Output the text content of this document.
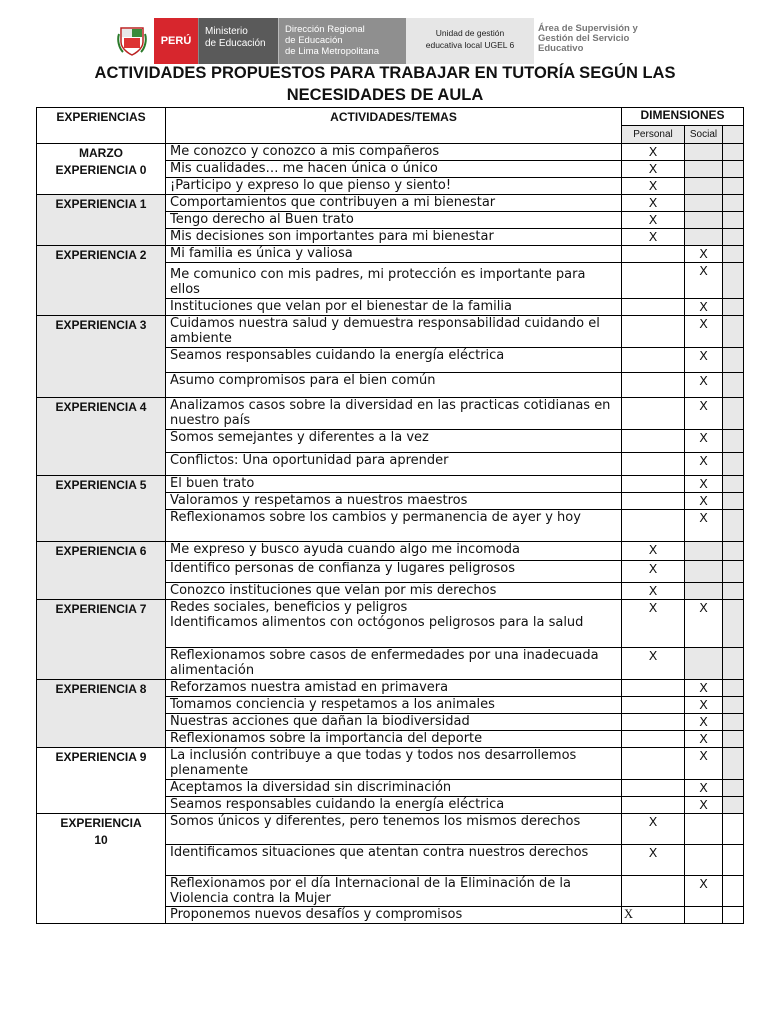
PERÚ
Ministerio
de Educación
Dirección Regional
de Educación
de Lima Metropolitana
Unidad de gestión
educativa local UGEL 6
Área de Supervisión y
Gestión del Servicio
Educativo
ACTIVIDADES PROPUESTOS PARA TRABAJAR EN TUTORÍA SEGÚN LAS
NECESIDADES DE AULA
EXPERIENCIAS	ACTIVIDADES/TEMAS	DIMENSIONES		
		Personal	Social	

MARZO
EXPERIENCIA 0	Me conozco y conozco a mis compañeros	X		
	Mis cualidades… me hacen única o único	X		
	¡Participo y expreso lo que pienso y siento!	X		
EXPERIENCIA 1	Comportamientos que contribuyen a mi bienestar	X		
	Tengo derecho al Buen trato	X		
	Mis decisiones son importantes para mi bienestar	X		
EXPERIENCIA 2	Mi familia es única y valiosa		X	
	Me comunico con mis padres, mi protección es importante para ellos		X	
	Instituciones que velan por el bienestar de la familia		X	
EXPERIENCIA 3	Cuidamos nuestra salud y demuestra responsabilidad cuidando el ambiente		X	
	Seamos responsables cuidando la energía eléctrica		X	
	Asumo compromisos para el bien común		X	
EXPERIENCIA 4	Analizamos casos sobre la diversidad en las practicas cotidianas en nuestro país		X	
	Somos semejantes y diferentes a la vez		X	
	Conflictos: Una oportunidad para aprender		X	
EXPERIENCIA 5	El buen trato		X	
	Valoramos y respetamos a nuestros maestros		X	
	Reflexionamos sobre los cambios y permanencia de ayer y hoy		X	
EXPERIENCIA 6	Me expreso y busco ayuda cuando algo me incomoda	X		
	Identifico personas de confianza y lugares peligrosos	X		
	Conozco instituciones que velan por mis derechos	X		
EXPERIENCIA 7	Redes sociales, beneficios y peligros
Identificamos alimentos con octógonos peligrosos para la salud	X	X	
	Reflexionamos sobre casos de enfermedades por una inadecuada alimentación	X		
EXPERIENCIA 8	Reforzamos nuestra amistad en primavera		X	
	Tomamos conciencia y respetamos a los animales		X	
	Nuestras acciones que dañan la biodiversidad		X	
	Reflexionamos sobre la importancia del deporte		X	
EXPERIENCIA 9	La inclusión contribuye a que todas y todos nos desarrollemos plenamente		X	
	Aceptamos la diversidad sin discriminación		X	
	Seamos responsables cuidando la energía eléctrica		X	

EXPERIENCIA
10	Somos únicos y diferentes, pero tenemos los mismos derechos	X		
	Identificamos situaciones que atentan contra nuestros derechos	X		
	Reflexionamos por el día Internacional de la Eliminación de la Violencia contra la Mujer		X	
	Proponemos nuevos desafíos y compromisos	X		
